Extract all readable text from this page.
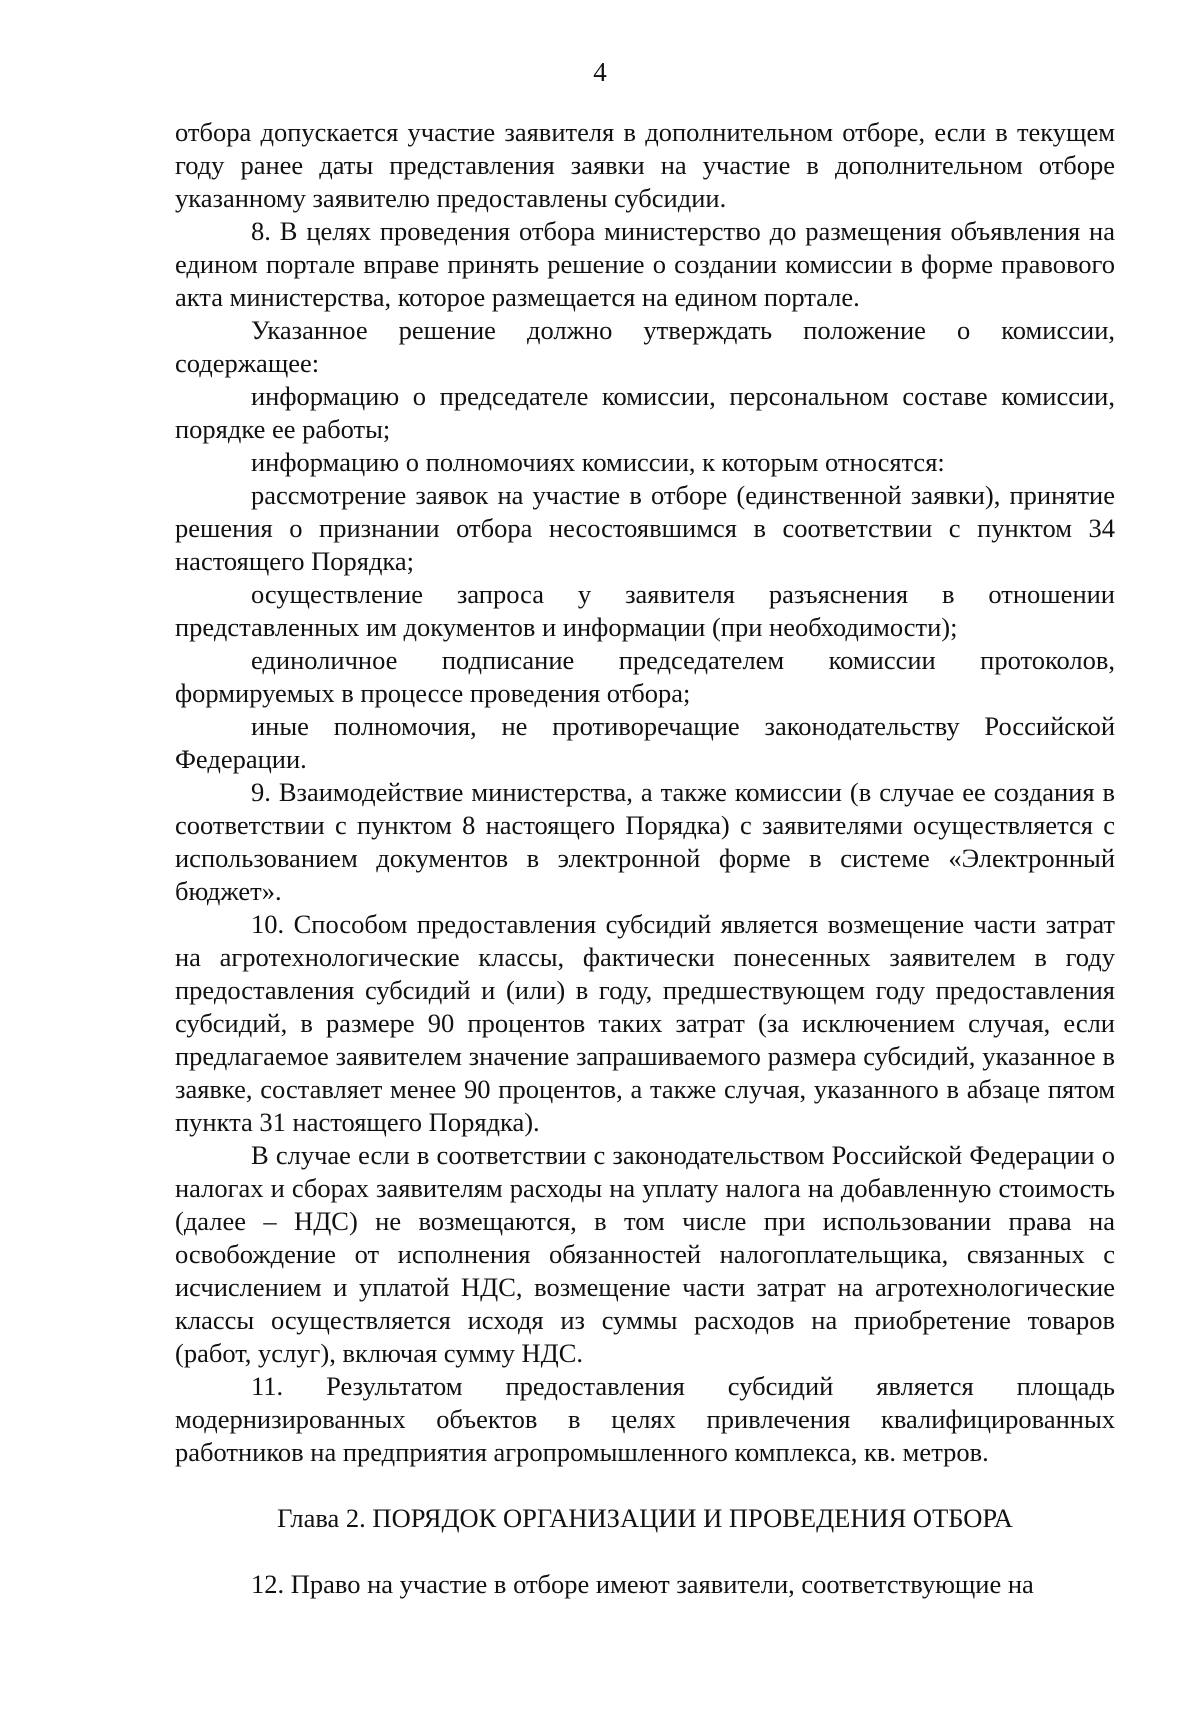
4

отбора допускается участие заявителя в дополнительном отборе, если в текущем году ранее даты представления заявки на участие в дополнительном отборе указанному заявителю предоставлены субсидии.

8. В целях проведения отбора министерство до размещения объявления на едином портале вправе принять решение о создании комиссии в форме правового акта министерства, которое размещается на едином портале.

Указанное решение должно утверждать положение о комиссии, содержащее:

информацию о председателе комиссии, персональном составе комиссии, порядке ее работы;

информацию о полномочиях комиссии, к которым относятся:

рассмотрение заявок на участие в отборе (единственной заявки), принятие решения о признании отбора несостоявшимся в соответствии с пунктом 34 настоящего Порядка;

осуществление запроса у заявителя разъяснения в отношении представленных им документов и информации (при необходимости);

единоличное подписание председателем комиссии протоколов, формируемых в процессе проведения отбора;

иные полномочия, не противоречащие законодательству Российской Федерации.

9. Взаимодействие министерства, а также комиссии (в случае ее создания в соответствии с пунктом 8 настоящего Порядка) с заявителями осуществляется с использованием документов в электронной форме в системе «Электронный бюджет».

10. Способом предоставления субсидий является возмещение части затрат на агротехнологические классы, фактически понесенных заявителем в году предоставления субсидий и (или) в году, предшествующем году предоставления субсидий, в размере 90 процентов таких затрат (за исключением случая, если предлагаемое заявителем значение запрашиваемого размера субсидий, указанное в заявке, составляет менее 90 процентов, а также случая, указанного в абзаце пятом пункта 31 настоящего Порядка).

В случае если в соответствии с законодательством Российской Федерации о налогах и сборах заявителям расходы на уплату налога на добавленную стоимость (далее – НДС) не возмещаются, в том числе при использовании права на освобождение от исполнения обязанностей налогоплательщика, связанных с исчислением и уплатой НДС, возмещение части затрат на агротехнологические классы осуществляется исходя из суммы расходов на приобретение товаров (работ, услуг), включая сумму НДС.

11. Результатом предоставления субсидий является площадь модернизированных объектов в целях привлечения квалифицированных работников на предприятия агропромышленного комплекса, кв. метров.

Глава 2. ПОРЯДОК ОРГАНИЗАЦИИ И ПРОВЕДЕНИЯ ОТБОРА

12. Право на участие в отборе имеют заявители, соответствующие на
